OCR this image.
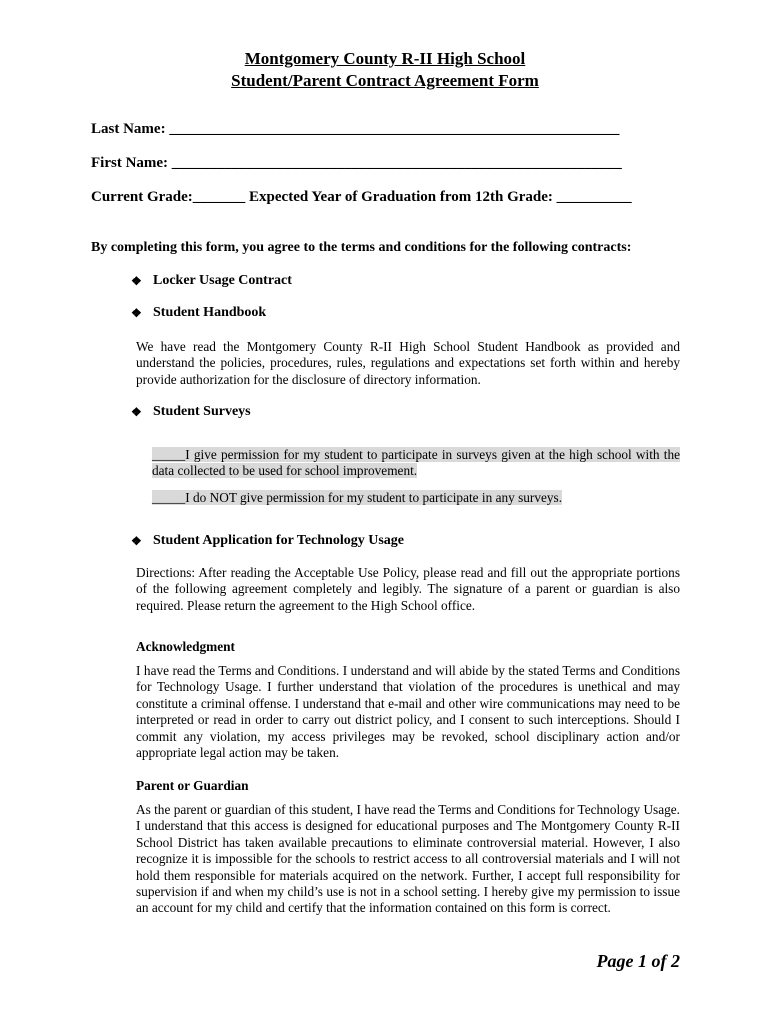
Montgomery County R-II High School
Student/Parent Contract Agreement Form
Last Name: ____________________________________________________________
First Name: ____________________________________________________________
Current Grade:_______ Expected Year of Graduation from 12th Grade: __________
By completing this form, you agree to the terms and conditions for the following contracts:
❖ Locker Usage Contract
❖ Student Handbook
We have read the Montgomery County R-II High School Student Handbook as provided and understand the policies, procedures, rules, regulations and expectations set forth within and hereby provide authorization for the disclosure of directory information.
❖ Student Surveys
_____I give permission for my student to participate in surveys given at the high school with the data collected to be used for school improvement.
_____I do NOT give permission for my student to participate in any surveys.
❖ Student Application for Technology Usage
Directions: After reading the Acceptable Use Policy, please read and fill out the appropriate portions of the following agreement completely and legibly. The signature of a parent or guardian is also required. Please return the agreement to the High School office.
Acknowledgment
I have read the Terms and Conditions. I understand and will abide by the stated Terms and Conditions for Technology Usage. I further understand that violation of the procedures is unethical and may constitute a criminal offense. I understand that e-mail and other wire communications may need to be interpreted or read in order to carry out district policy, and I consent to such interceptions. Should I commit any violation, my access privileges may be revoked, school disciplinary action and/or appropriate legal action may be taken.
Parent or Guardian
As the parent or guardian of this student, I have read the Terms and Conditions for Technology Usage. I understand that this access is designed for educational purposes and The Montgomery County R-II School District has taken available precautions to eliminate controversial material. However, I also recognize it is impossible for the schools to restrict access to all controversial materials and I will not hold them responsible for materials acquired on the network. Further, I accept full responsibility for supervision if and when my child’s use is not in a school setting. I hereby give my permission to issue an account for my child and certify that the information contained on this form is correct.
Page 1 of 2
